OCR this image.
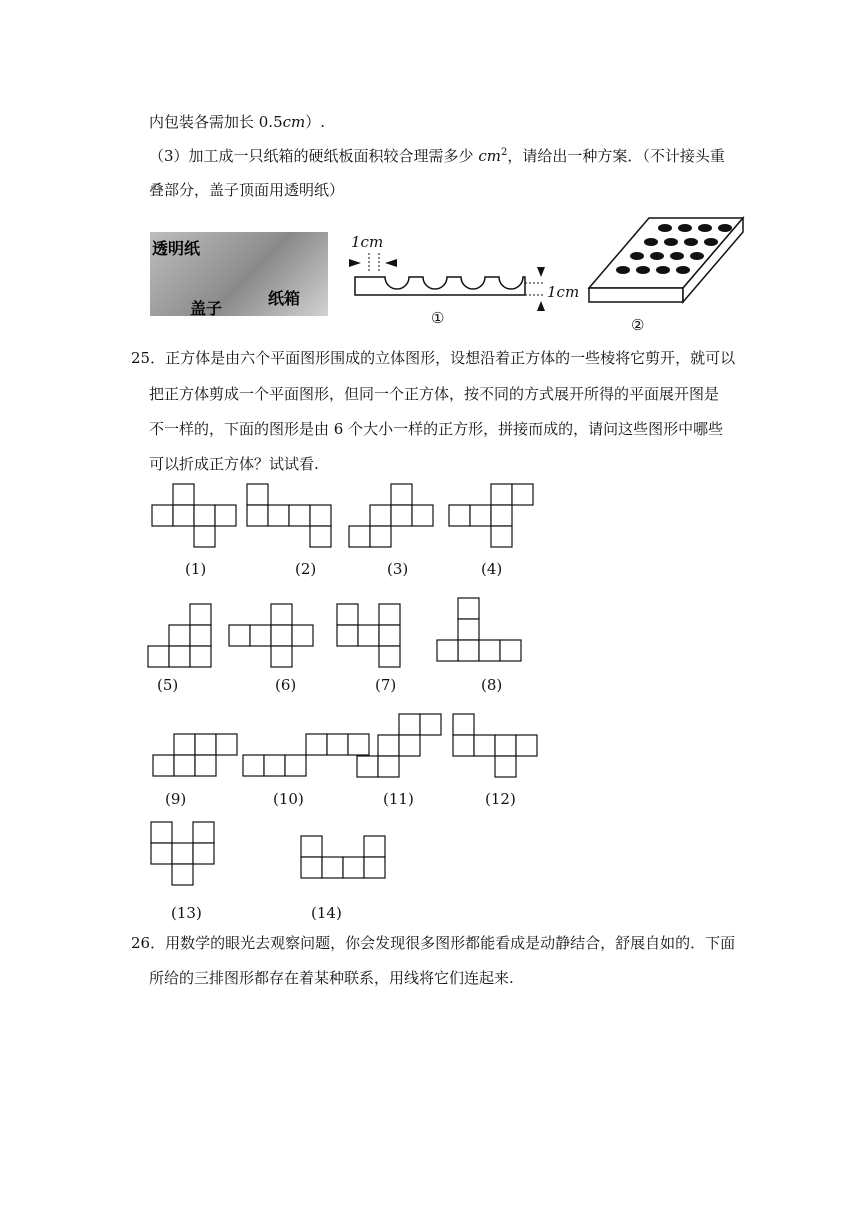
内包装各需加长 0.5cm）.
（3）加工成一只纸箱的硬纸板面积较合理需多少 $cm^2$，请给出一种方案．（不计接头重
叠部分，盖子顶面用透明纸）
透明纸
盖子
纸箱
1cm
1cm
①	②
25．正方体是由六个平面图形围成的立体图形，设想沿着正方体的一些棱将它剪开，就可以
把正方体剪成一个平面图形，但同一个正方体，按不同的方式展开所得的平面展开图是
不一样的，下面的图形是由 6 个大小一样的正方形，拼接而成的，请问这些图形中哪些
可以折成正方体？试试看.
(1)	(2)	(3)	(4)
(5)	(6)	(7)	(8)
(9)	(10)	(11)	(12)
(13)	(14)
26．用数学的眼光去观察问题，你会发现很多图形都能看成是动静结合，舒展自如的．下面
所给的三排图形都存在着某种联系，用线将它们连起来.
